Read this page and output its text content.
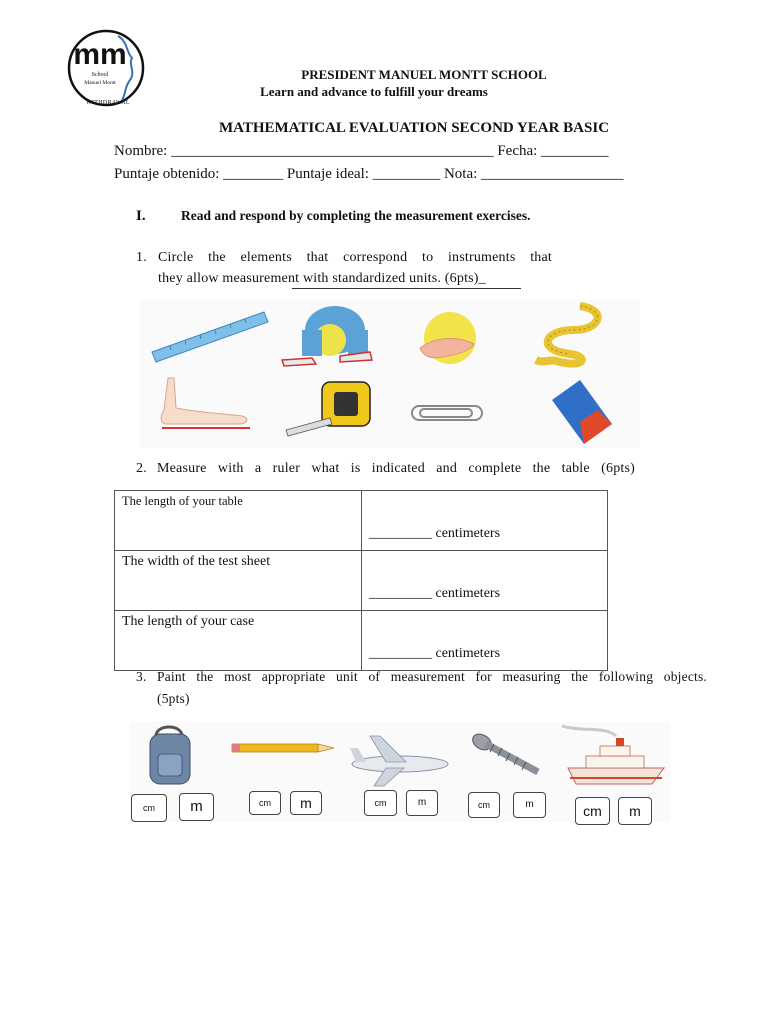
mm
School
Manuel Montt
WITHDRAWAL
PRESIDENT MANUEL MONTT SCHOOL
Learn and advance to fulfill your dreams
MATHEMATICAL EVALUATION SECOND YEAR BASIC
Nombre: ___________________________________________ Fecha: _________
Puntaje obtenido: ________ Puntaje ideal: _________ Nota: ___________________
I.	Read and respond by completing the measurement exercises.
1. Circle the elements that correspond to instruments that
they allow measurement with standardized units. (6pts)_
2. Measure with a ruler what is indicated and complete the table (6pts)
The length of your table	_________ centimeters
The width of the test sheet	_________ centimeters
The length of your case	_________ centimeters
3. Paint the most appropriate unit of measurement for measuring the following objects.
(5pts)
cm	m	cm	m	cm	m	cm	m	cm	m
